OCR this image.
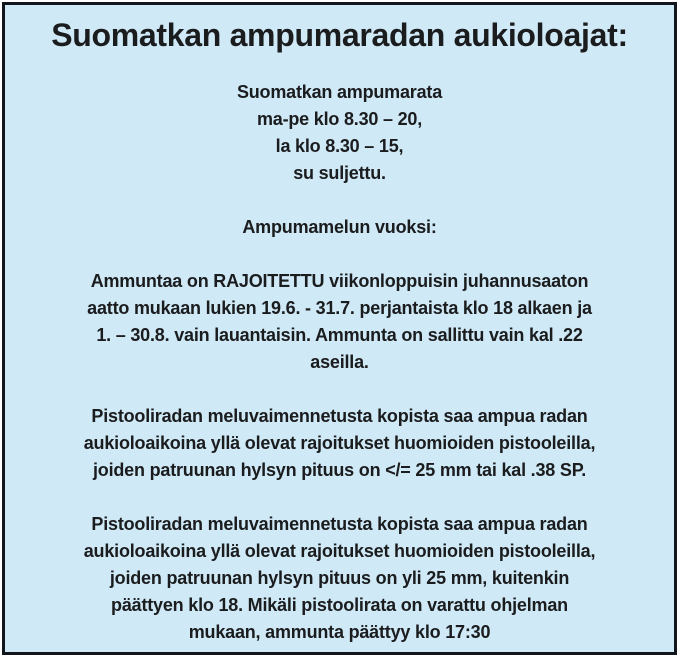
Suomatkan ampumaradan aukioloajat:

Suomatkan ampumarata
ma-pe klo 8.30 – 20,
la klo 8.30 – 15,
su suljettu.

Ampumamelun vuoksi:

Ammuntaa on RAJOITETTU viikonloppuisin juhannusaaton
aatto mukaan lukien 19.6. - 31.7. perjantaista klo 18 alkaen ja
1. – 30.8. vain lauantaisin. Ammunta on sallittu vain kal .22
aseilla.

Pistooliradan meluvaimennetusta kopista saa ampua radan
aukioloaikoina yllä olevat rajoitukset huomioiden pistooleilla,
joiden patruunan hylsyn pituus on </= 25 mm tai kal .38 SP.

Pistooliradan meluvaimennetusta kopista saa ampua radan
aukioloaikoina yllä olevat rajoitukset huomioiden pistooleilla,
joiden patruunan hylsyn pituus on yli 25 mm, kuitenkin
päättyen klo 18. Mikäli pistoolirata on varattu ohjelman
mukaan, ammunta päättyy klo 17:30
